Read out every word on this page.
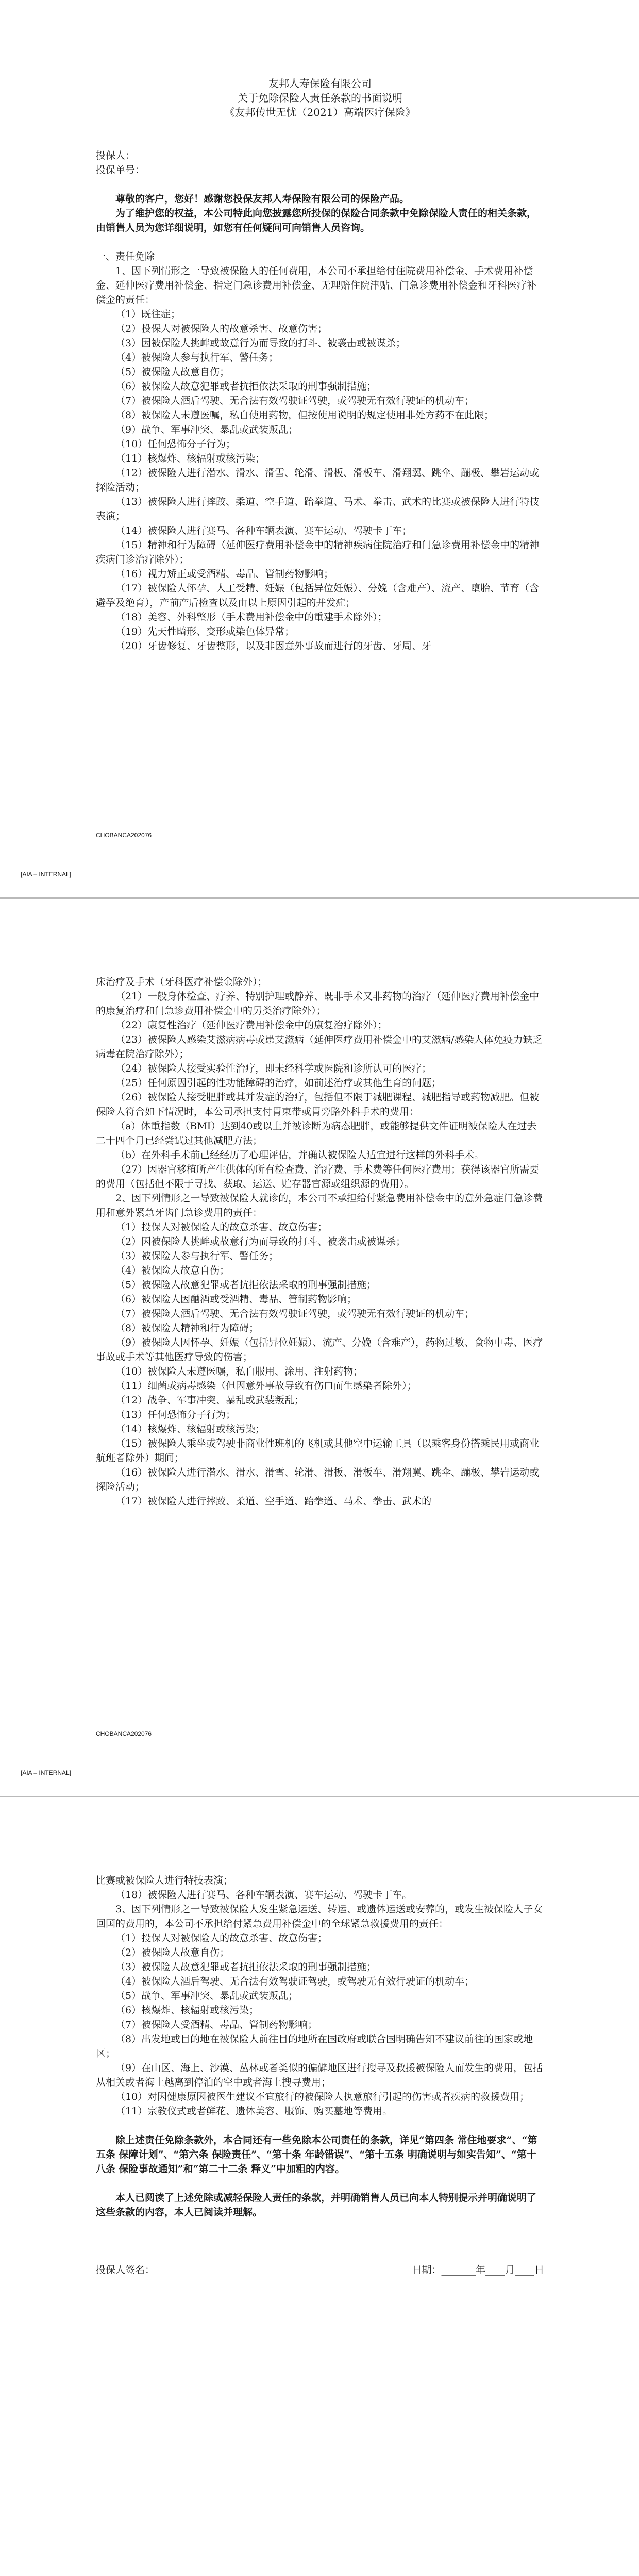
友邦人寿保险有限公司

关于免除保险人责任条款的书面说明

《友邦传世无忧（2021）高端医疗保险》

投保人：

投保单号：

尊敬的客户，您好！感谢您投保友邦人寿保险有限公司的保险产品。

为了维护您的权益，本公司特此向您披露您所投保的保险合同条款中免除保险人责任的相关条款，由销售人员为您详细说明，如您有任何疑问可向销售人员咨询。

一、责任免除

1、因下列情形之一导致被保险人的任何费用，本公司不承担给付住院费用补偿金、手术费用补偿金、延伸医疗费用补偿金、指定门急诊费用补偿金、无理赔住院津贴、门急诊费用补偿金和牙科医疗补偿金的责任：

（1）既往症；

（2）投保人对被保险人的故意杀害、故意伤害；

（3）因被保险人挑衅或故意行为而导致的打斗、被袭击或被谋杀；

（4）被保险人参与执行军、警任务；

（5）被保险人故意自伤；

（6）被保险人故意犯罪或者抗拒依法采取的刑事强制措施；

（7）被保险人酒后驾驶、无合法有效驾驶证驾驶，或驾驶无有效行驶证的机动车；

（8）被保险人未遵医嘱，私自使用药物，但按使用说明的规定使用非处方药不在此限；

（9）战争、军事冲突、暴乱或武装叛乱；

（10）任何恐怖分子行为；

（11）核爆炸、核辐射或核污染；

（12）被保险人进行潜水、滑水、滑雪、轮滑、滑板、滑板车、滑翔翼、跳伞、蹦极、攀岩运动或探险活动；

（13）被保险人进行摔跤、柔道、空手道、跆拳道、马术、拳击、武术的比赛或被保险人进行特技表演；

（14）被保险人进行赛马、各种车辆表演、赛车运动、驾驶卡丁车；

（15）精神和行为障碍（延伸医疗费用补偿金中的精神疾病住院治疗和门急诊费用补偿金中的精神疾病门诊治疗除外）；

（16）视力矫正或受酒精、毒品、管制药物影响；

（17）被保险人怀孕、人工受精、妊娠（包括异位妊娠）、分娩（含难产）、流产、堕胎、节育（含避孕及绝育），产前产后检查以及由以上原因引起的并发症；

（18）美容、外科整形（手术费用补偿金中的重建手术除外）；

（19）先天性畸形、变形或染色体异常；

（20）牙齿修复、牙齿整形，以及非因意外事故而进行的牙齿、牙周、牙

CHOBANCA202076
[AIA – INTERNAL]

床治疗及手术（牙科医疗补偿金除外）；

（21）一般身体检查、疗养、特别护理或静养、既非手术又非药物的治疗（延伸医疗费用补偿金中的康复治疗和门急诊费用补偿金中的另类治疗除外）；

（22）康复性治疗（延伸医疗费用补偿金中的康复治疗除外）；

（23）被保险人感染艾滋病病毒或患艾滋病（延伸医疗费用补偿金中的艾滋病/感染人体免疫力缺乏病毒在院治疗除外）；

（24）被保险人接受实验性治疗，即未经科学或医院和诊所认可的医疗；

（25）任何原因引起的性功能障碍的治疗，如前述治疗或其他生育的问题；

（26）被保险人接受肥胖或其并发症的治疗，包括但不限于减肥课程、减肥指导或药物减肥。但被保险人符合如下情况时，本公司承担支付胃束带或胃旁路外科手术的费用：

（a）体重指数（BMI）达到40或以上并被诊断为病态肥胖，或能够提供文件证明被保险人在过去二十四个月已经尝试过其他减肥方法；

（b）在外科手术前已经经历了心理评估，并确认被保险人适宜进行这样的外科手术。

（27）因器官移植所产生供体的所有检查费、治疗费、手术费等任何医疗费用；获得该器官所需要的费用（包括但不限于寻找、获取、运送、贮存器官源或组织源的费用）。

2、因下列情形之一导致被保险人就诊的，本公司不承担给付紧急费用补偿金中的意外急症门急诊费用和意外紧急牙齿门急诊费用的责任：

（1）投保人对被保险人的故意杀害、故意伤害；

（2）因被保险人挑衅或故意行为而导致的打斗、被袭击或被谋杀；

（3）被保险人参与执行军、警任务；

（4）被保险人故意自伤；

（5）被保险人故意犯罪或者抗拒依法采取的刑事强制措施；

（6）被保险人因酗酒或受酒精、毒品、管制药物影响；

（7）被保险人酒后驾驶、无合法有效驾驶证驾驶，或驾驶无有效行驶证的机动车；

（8）被保险人精神和行为障碍；

（9）被保险人因怀孕、妊娠（包括异位妊娠）、流产、分娩（含难产），药物过敏、食物中毒、医疗事故或手术等其他医疗导致的伤害；

（10）被保险人未遵医嘱，私自服用、涂用、注射药物；

（11）细菌或病毒感染（但因意外事故导致有伤口而生感染者除外）；

（12）战争、军事冲突、暴乱或武装叛乱；

（13）任何恐怖分子行为；

（14）核爆炸、核辐射或核污染；

（15）被保险人乘坐或驾驶非商业性班机的飞机或其他空中运输工具（以乘客身份搭乘民用或商业航班者除外）期间；

（16）被保险人进行潜水、滑水、滑雪、轮滑、滑板、滑板车、滑翔翼、跳伞、蹦极、攀岩运动或探险活动；

（17）被保险人进行摔跤、柔道、空手道、跆拳道、马术、拳击、武术的

CHOBANCA202076
[AIA – INTERNAL]

比赛或被保险人进行特技表演；

（18）被保险人进行赛马、各种车辆表演、赛车运动、驾驶卡丁车。

3、因下列情形之一导致被保险人发生紧急运送、转运、或遗体运送或安葬的，或发生被保险人子女回国的费用的，本公司不承担给付紧急费用补偿金中的全球紧急救援费用的责任：

（1）投保人对被保险人的故意杀害、故意伤害；

（2）被保险人故意自伤；

（3）被保险人故意犯罪或者抗拒依法采取的刑事强制措施；

（4）被保险人酒后驾驶、无合法有效驾驶证驾驶，或驾驶无有效行驶证的机动车；

（5）战争、军事冲突、暴乱或武装叛乱；

（6）核爆炸、核辐射或核污染；

（7）被保险人受酒精、毒品、管制药物影响；

（8）出发地或目的地在被保险人前往目的地所在国政府或联合国明确告知不建议前往的国家或地区；

（9）在山区、海上、沙漠、丛林或者类似的偏僻地区进行搜寻及救援被保险人而发生的费用，包括从相关或者海上越离到停泊的空中或者海上搜寻费用；

（10）对因健康原因被医生建议不宜旅行的被保险人执意旅行引起的伤害或者疾病的救援费用；

（11）宗教仪式或者鲜花、遗体美容、服饰、购买墓地等费用。

除上述责任免除条款外，本合同还有一些免除本公司责任的条款，详见“第四条 常住地要求”、“第五条 保障计划”、“第六条 保险责任”、“第十条 年龄错误”、“第十五条 明确说明与如实告知”、“第十八条 保险事故通知”和“第二十二条 释义”中加粗的内容。

本人已阅读了上述免除或减轻保险人责任的条款，并明确销售人员已向本人特别提示并明确说明了这些条款的内容，本人已阅读并理解。

投保人签名：	日期：_______年____月____日
